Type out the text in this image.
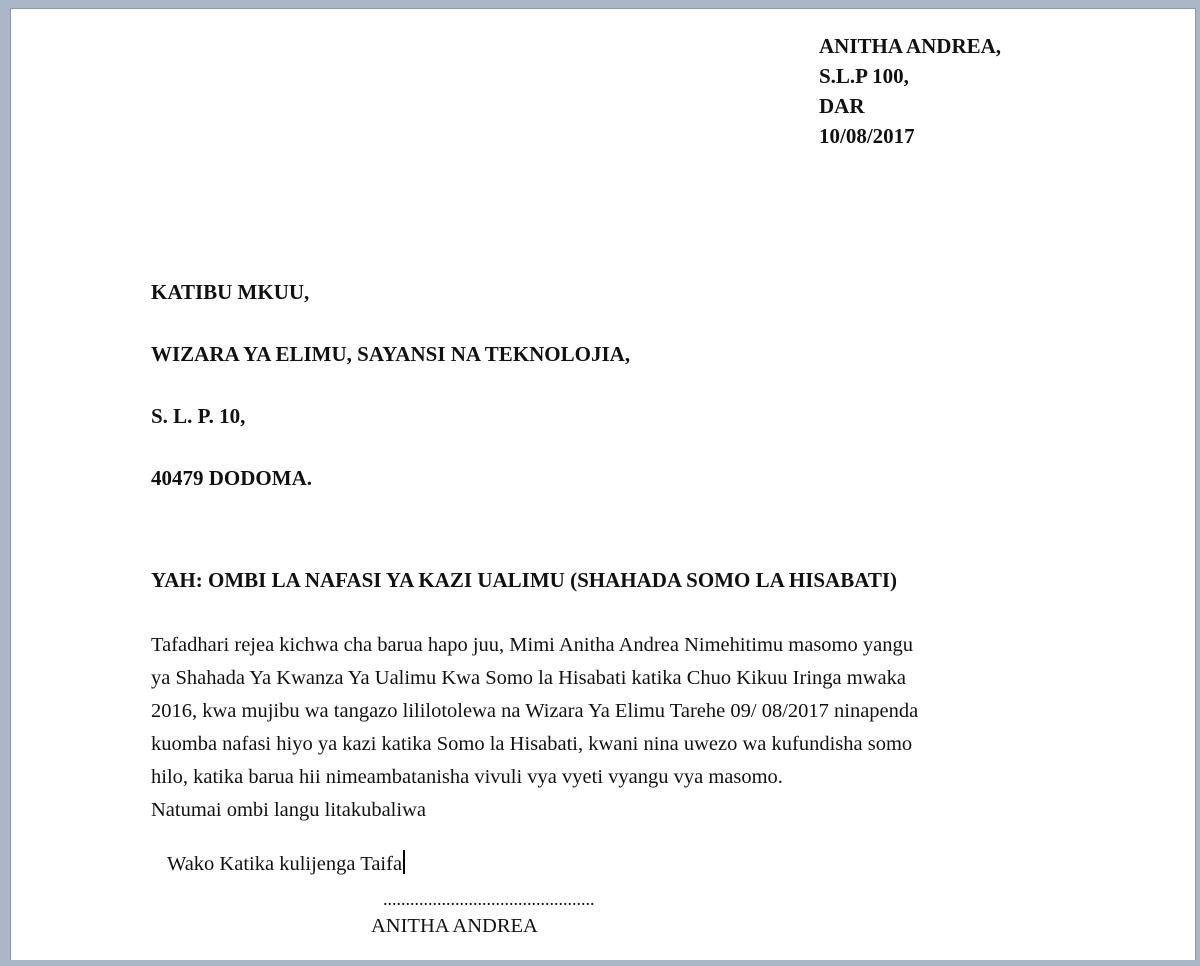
ANITHA ANDREA,
S.L.P 100,
DAR
10/08/2017
KATIBU MKUU,
WIZARA YA ELIMU, SAYANSI NA TEKNOLOJIA,
S. L. P. 10,
40479 DODOMA.
YAH: OMBI LA NAFASI YA KAZI UALIMU (SHAHADA SOMO LA HISABATI)
Tafadhari rejea kichwa cha barua hapo juu, Mimi Anitha Andrea Nimehitimu masomo yangu
ya Shahada Ya Kwanza Ya Ualimu Kwa Somo la Hisabati katika Chuo Kikuu Iringa mwaka
2016, kwa mujibu wa tangazo lililotolewa na Wizara Ya Elimu Tarehe 09/ 08/2017 ninapenda
kuomba nafasi hiyo ya kazi katika Somo la Hisabati, kwani nina uwezo wa kufundisha somo
hilo, katika barua hii nimeambatanisha vivuli vya vyeti vyangu vya masomo.
Natumai ombi langu litakubaliwa
Wako Katika kulijenga Taifa
...............................................
ANITHA ANDREA
